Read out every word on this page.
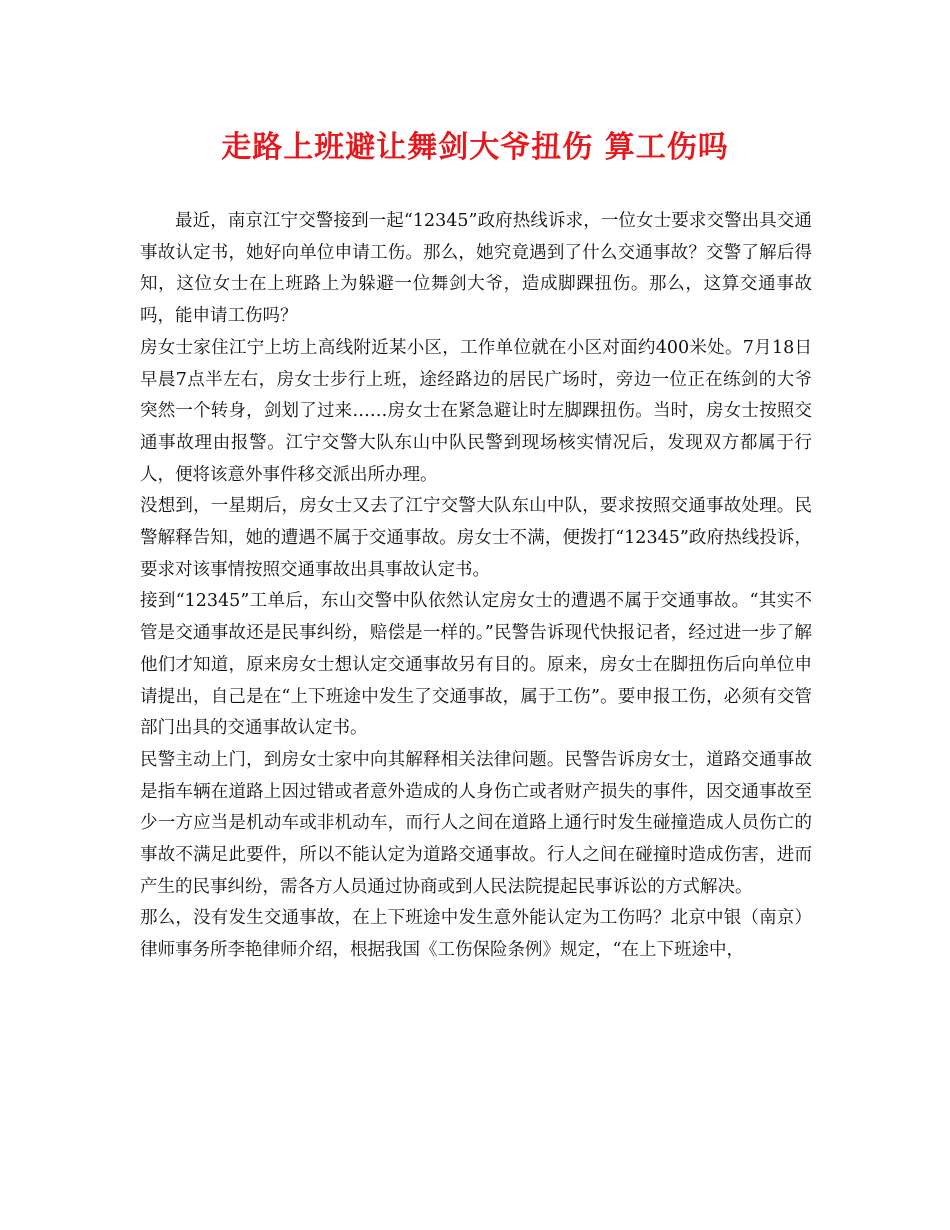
走路上班避让舞剑大爷扭伤 算工伤吗

最近，南京江宁交警接到一起“12345”政府热线诉求，一位女士要求交警出具交通事故认定书，她好向单位申请工伤。那么，她究竟遇到了什么交通事故？交警了解后得知，这位女士在上班路上为躲避一位舞剑大爷，造成脚踝扭伤。那么，这算交通事故吗，能申请工伤吗？

房女士家住江宁上坊上高线附近某小区，工作单位就在小区对面约400米处。7月18日早晨7点半左右，房女士步行上班，途经路边的居民广场时，旁边一位正在练剑的大爷突然一个转身，剑划了过来……房女士在紧急避让时左脚踝扭伤。当时，房女士按照交通事故理由报警。江宁交警大队东山中队民警到现场核实情况后，发现双方都属于行人，便将该意外事件移交派出所办理。

没想到，一星期后，房女士又去了江宁交警大队东山中队，要求按照交通事故处理。民警解释告知，她的遭遇不属于交通事故。房女士不满，便拨打“12345”政府热线投诉，要求对该事情按照交通事故出具事故认定书。

接到“12345”工单后，东山交警中队依然认定房女士的遭遇不属于交通事故。“其实不管是交通事故还是民事纠纷，赔偿是一样的。”民警告诉现代快报记者，经过进一步了解他们才知道，原来房女士想认定交通事故另有目的。原来，房女士在脚扭伤后向单位申请提出，自己是在“上下班途中发生了交通事故，属于工伤”。要申报工伤，必须有交管部门出具的交通事故认定书。

民警主动上门，到房女士家中向其解释相关法律问题。民警告诉房女士，道路交通事故是指车辆在道路上因过错或者意外造成的人身伤亡或者财产损失的事件，因交通事故至少一方应当是机动车或非机动车，而行人之间在道路上通行时发生碰撞造成人员伤亡的事故不满足此要件，所以不能认定为道路交通事故。行人之间在碰撞时造成伤害，进而产生的民事纠纷，需各方人员通过协商或到人民法院提起民事诉讼的方式解决。

那么，没有发生交通事故，在上下班途中发生意外能认定为工伤吗？北京中银（南京）律师事务所李艳律师介绍，根据我国《工伤保险条例》规定，“在上下班途中，
